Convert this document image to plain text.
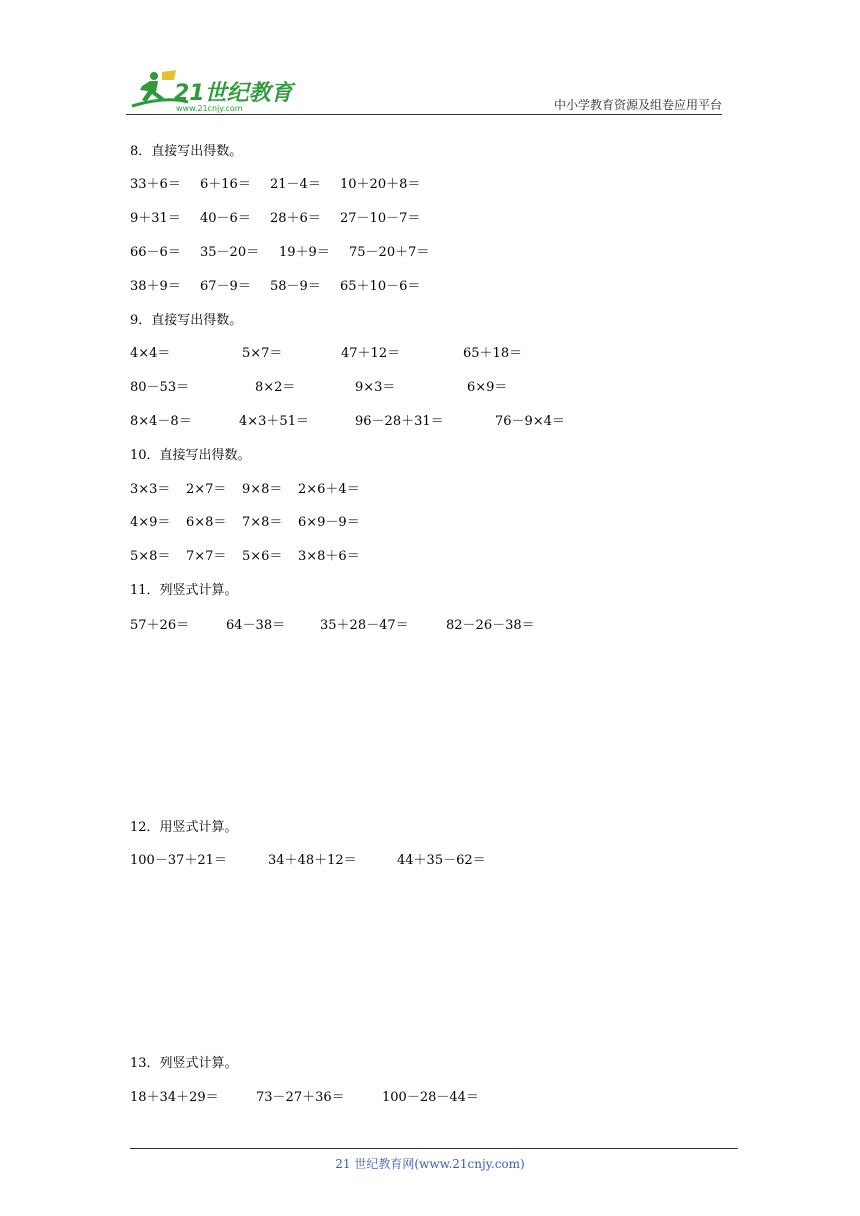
21世纪教育
www.21cnjy.com	中小学教育资源及组卷应用平台
8．直接写出得数。
33＋6＝ 6＋16＝ 21－4＝ 10＋20＋8＝
9＋31＝ 40－6＝ 28＋6＝ 27－10－7＝
66－6＝ 35－20＝ 19＋9＝ 75－20＋7＝
38＋9＝ 67－9＝ 58－9＝ 65＋10－6＝
9．直接写出得数。
4×4＝	5×7＝	47＋12＝	65＋18＝
80－53＝	8×2＝	9×3＝	6×9＝
8×4－8＝	4×3＋51＝	96－28＋31＝	76－9×4＝
10．直接写出得数。
3×3＝ 2×7＝ 9×8＝ 2×6＋4＝
4×9＝ 6×8＝ 7×8＝ 6×9－9＝
5×8＝ 7×7＝ 5×6＝ 3×8＋6＝
11．列竖式计算。
57＋26＝	64－38＝	35＋28－47＝	82－26－38＝
12．用竖式计算。
100－37＋21＝	34＋48＋12＝	44＋35－62＝
13．列竖式计算。
18＋34＋29＝	73－27＋36＝	100－28－44＝
21 世纪教育网(www.21cnjy.com)
